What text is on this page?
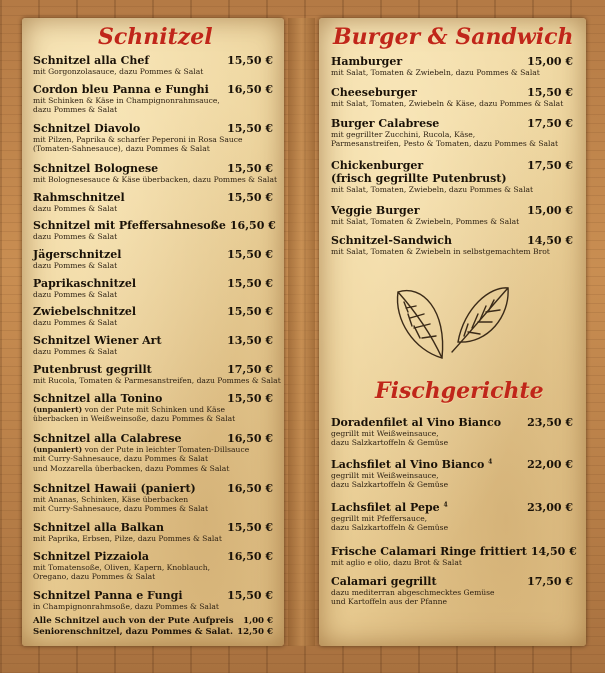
Schnitzel
Schnitzel alla Chef	15,50 €
mit Gorgonzolasauce, dazu Pommes & Salat
Cordon bleu Panna e Funghi	16,50 €
mit Schinken & Käse in Champignonrahmsauce,
dazu Pommes & Salat
Schnitzel Diavolo	15,50 €
mit Pilzen, Paprika & scharfer Peperoni in Rosa Sauce
(Tomaten-Sahnesauce), dazu Pommes & Salat
Schnitzel Bolognese	15,50 €
mit Bolognesesauce & Käse überbacken, dazu Pommes & Salat
Rahmschnitzel	15,50 €
dazu Pommes & Salat
Schnitzel mit Pfeffersahnesoße 16,50 €
dazu Pommes & Salat
Jägerschnitzel	15,50 €
dazu Pommes & Salat
Paprikaschnitzel	15,50 €
dazu Pommes & Salat
Zwiebelschnitzel	15,50 €
dazu Pommes & Salat
Schnitzel Wiener Art	13,50 €
dazu Pommes & Salat
Putenbrust gegrillt	17,50 €
mit Rucola, Tomaten & Parmesanstreifen, dazu Pommes & Salat
Schnitzel alla Tonino	15,50 €
(unpaniert) von der Pute mit Schinken und Käse
überbacken in Weißweinsoße, dazu Pommes & Salat
Schnitzel alla Calabrese	16,50 €
(unpaniert) von der Pute in leichter Tomaten-Dillsauce
mit Curry-Sahnesauce, dazu Pommes & Salat
und Mozzarella überbacken, dazu Pommes & Salat
Schnitzel Hawaii (paniert)	16,50 €
mit Ananas, Schinken, Käse überbacken
mit Curry-Sahnesauce, dazu Pommes & Salat
Schnitzel alla Balkan	15,50 €
mit Paprika, Erbsen, Pilze, dazu Pommes & Salat
Schnitzel Pizzaiola	16,50 €
mit Tomatensoße, Oliven, Kapern, Knoblauch,
Oregano, dazu Pommes & Salat
Schnitzel Panna e Fungi	15,50 €
in Champignonrahmsoße, dazu Pommes & Salat
Alle Schnitzel auch von der Pute Aufpreis 1,00 €
Seniorenschnitzel, dazu Pommes & Salat. 12,50 €
Burger & Sandwich
Hamburger	15,00 €
mit Salat, Tomaten & Zwiebeln, dazu Pommes & Salat
Cheeseburger	15,50 €
mit Salat, Tomaten, Zwiebeln & Käse, dazu Pommes & Salat
Burger Calabrese	17,50 €
mit gegrillter Zucchini, Rucola, Käse,
Parmesanstreifen, Pesto & Tomaten, dazu Pommes & Salat
Chickenburger	17,50 €
(frisch gegrillte Putenbrust)
mit Salat, Tomaten, Zwiebeln, dazu Pommes & Salat
Veggie Burger	15,00 €
mit Salat, Tomaten & Zwiebeln, Pommes & Salat
Schnitzel-Sandwich	14,50 €
mit Salat, Tomaten & Zwiebeln in selbstgemachtem Brot
Fischgerichte
Doradenfilet al Vino Bianco	23,50 €
gegrillt mit Weißweinsauce,
dazu Salzkartoffeln & Gemüse
Lachsfilet al Vino Bianco $^4$	22,00 €
gegrillt mit Weißweinsauce,
dazu Salzkartoffeln & Gemüse
Lachsfilet al Pepe $^4$	23,00 €
gegrillt mit Pfeffersauce,
dazu Salzkartoffeln & Gemüse
Frische Calamari Ringe frittiert 14,50 €
mit aglio e olio, dazu Brot & Salat
Calamari gegrillt	17,50 €
dazu mediterran abgeschmecktes Gemüse
und Kartoffeln aus der Pfanne
